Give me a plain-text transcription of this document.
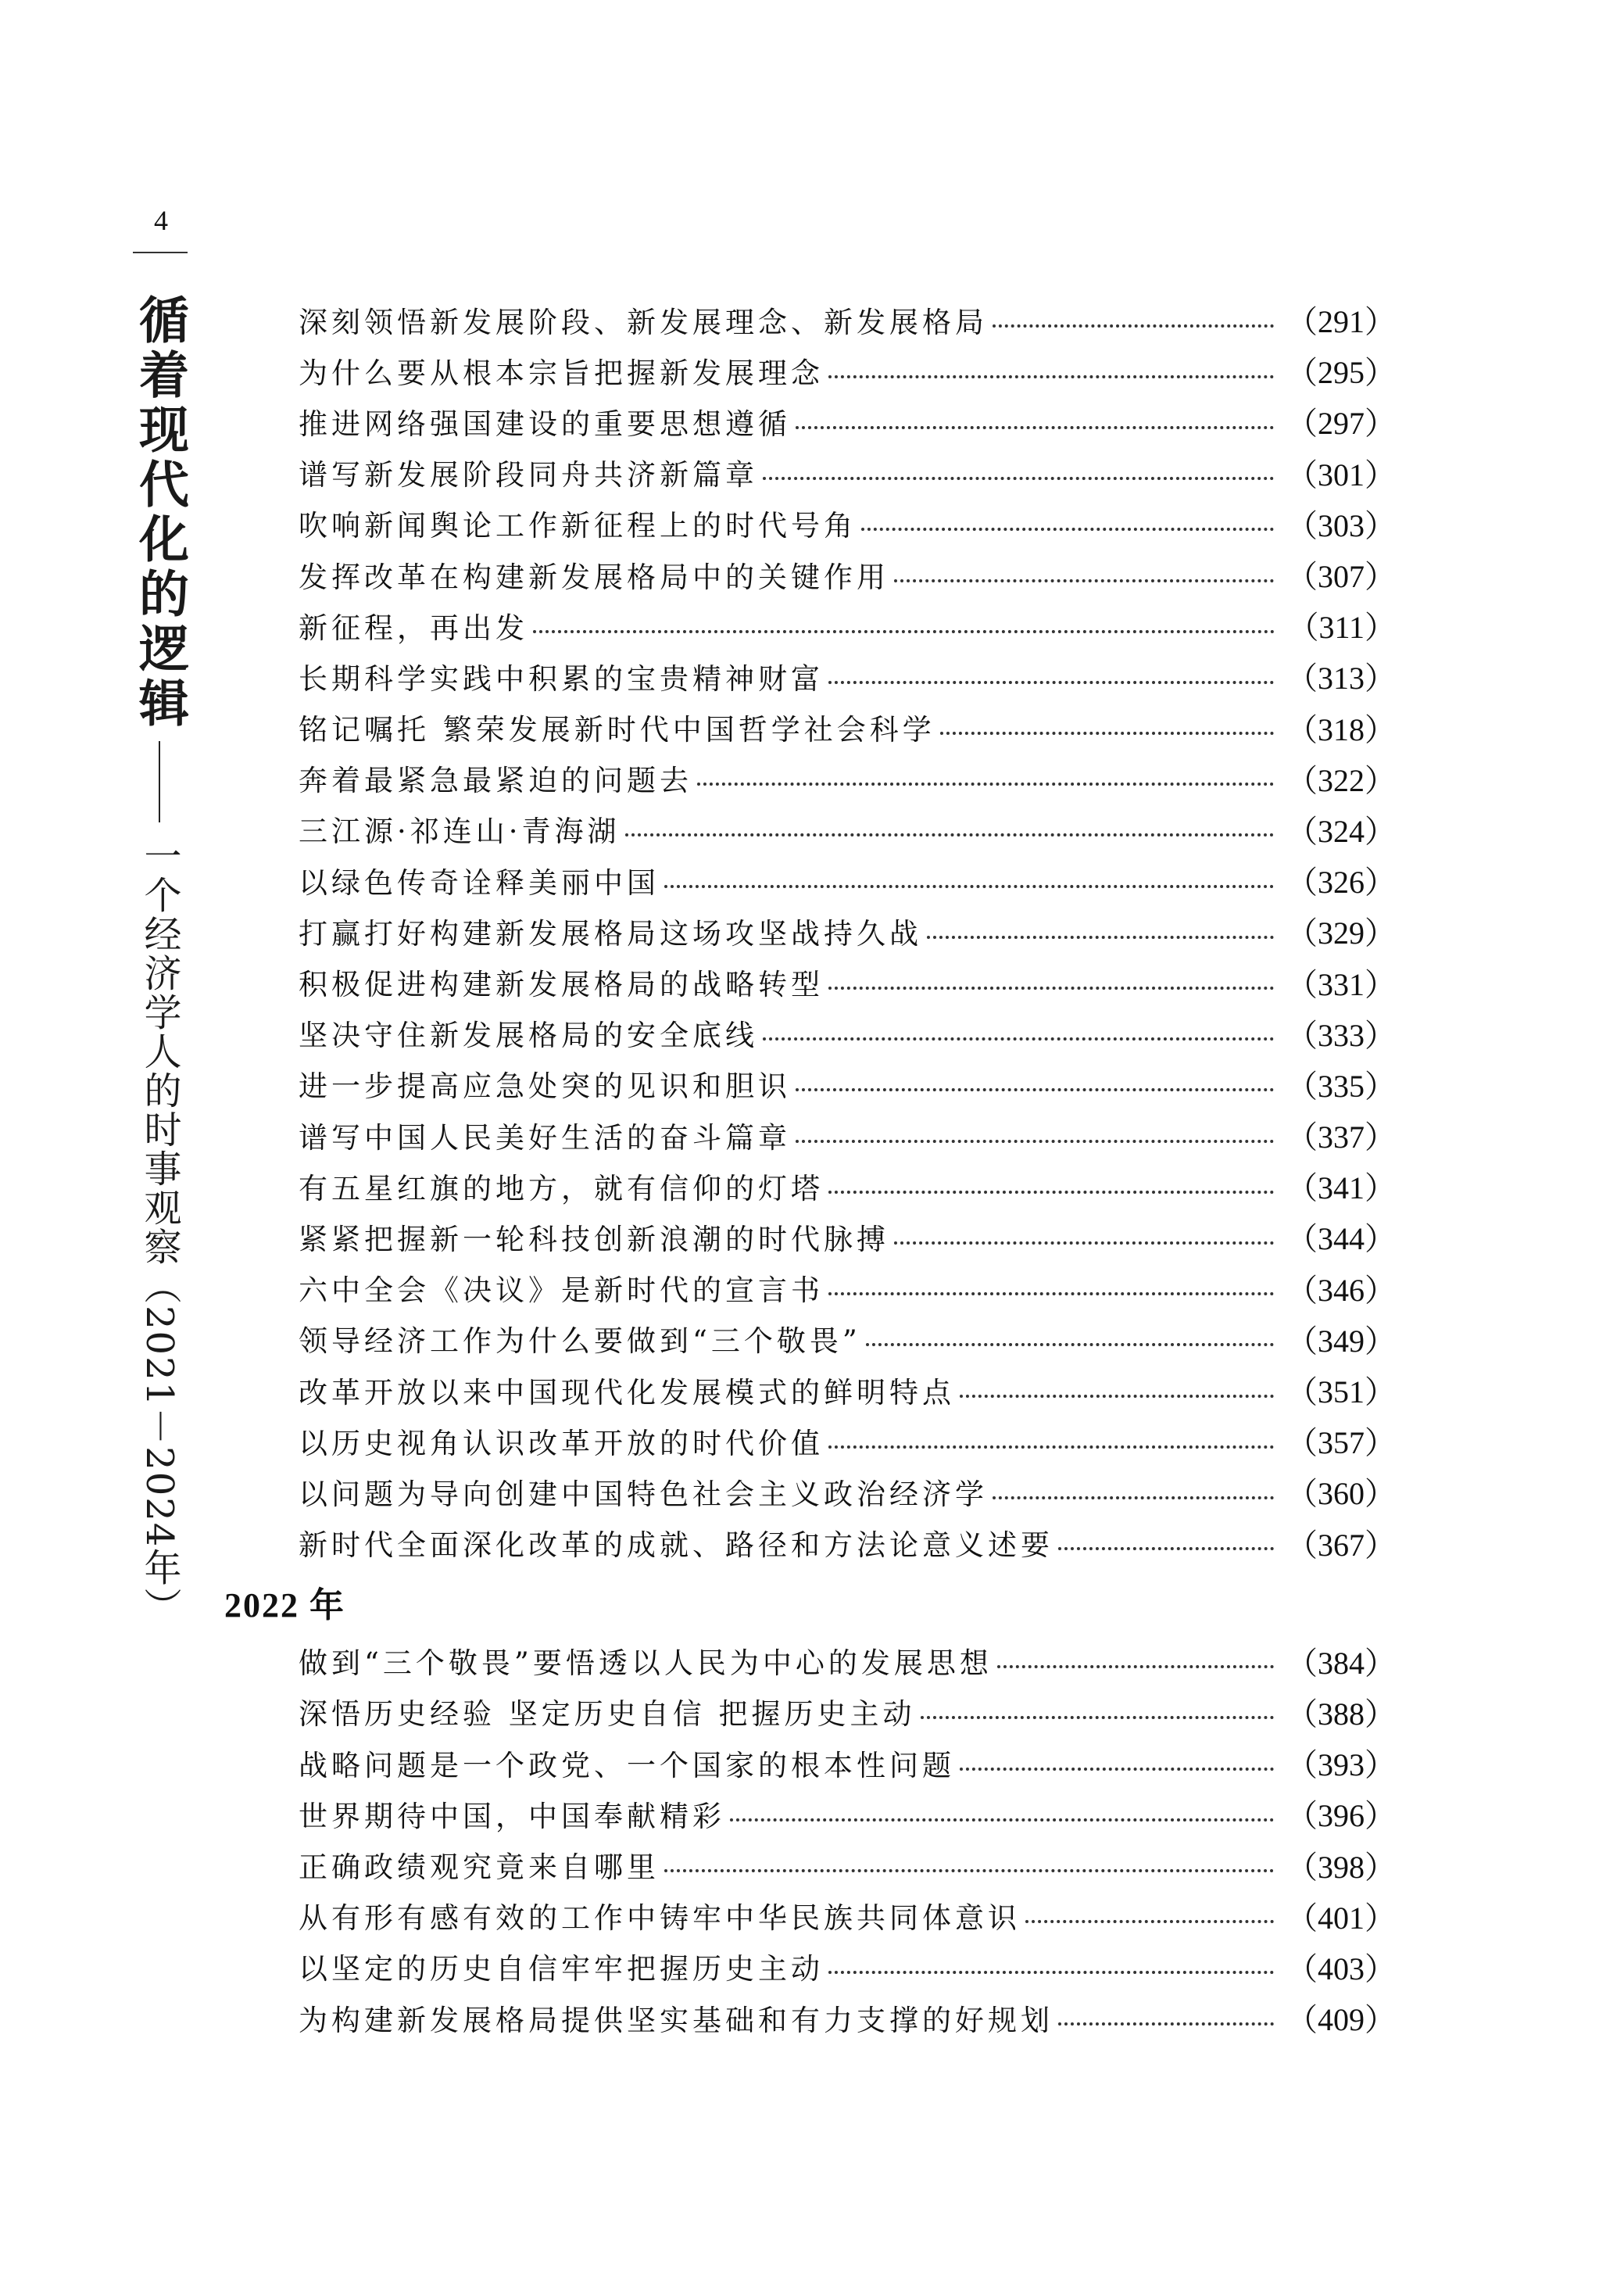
4
循着现代化的逻辑
一个经济学人的时事观察（2021－2024年）
深刻领悟新发展阶段、新发展理念、新发展格局	（291）
为什么要从根本宗旨把握新发展理念	（295）
推进网络强国建设的重要思想遵循	（297）
谱写新发展阶段同舟共济新篇章	（301）
吹响新闻舆论工作新征程上的时代号角	（303）
发挥改革在构建新发展格局中的关键作用	（307）
新征程，再出发	（311）
长期科学实践中积累的宝贵精神财富	（313）
铭记嘱托 繁荣发展新时代中国哲学社会科学	（318）
奔着最紧急最紧迫的问题去	（322）
三江源·祁连山·青海湖	（324）
以绿色传奇诠释美丽中国	（326）
打赢打好构建新发展格局这场攻坚战持久战	（329）
积极促进构建新发展格局的战略转型	（331）
坚决守住新发展格局的安全底线	（333）
进一步提高应急处突的见识和胆识	（335）
谱写中国人民美好生活的奋斗篇章	（337）
有五星红旗的地方，就有信仰的灯塔	（341）
紧紧把握新一轮科技创新浪潮的时代脉搏	（344）
六中全会《决议》是新时代的宣言书	（346）
领导经济工作为什么要做到“三个敬畏”	（349）
改革开放以来中国现代化发展模式的鲜明特点	（351）
以历史视角认识改革开放的时代价值	（357）
以问题为导向创建中国特色社会主义政治经济学	（360）
新时代全面深化改革的成就、路径和方法论意义述要	（367）
2022 年
做到“三个敬畏”要悟透以人民为中心的发展思想	（384）
深悟历史经验 坚定历史自信 把握历史主动	（388）
战略问题是一个政党、一个国家的根本性问题	（393）
世界期待中国，中国奉献精彩	（396）
正确政绩观究竟来自哪里	（398）
从有形有感有效的工作中铸牢中华民族共同体意识	（401）
以坚定的历史自信牢牢把握历史主动	（403）
为构建新发展格局提供坚实基础和有力支撑的好规划	（409）
